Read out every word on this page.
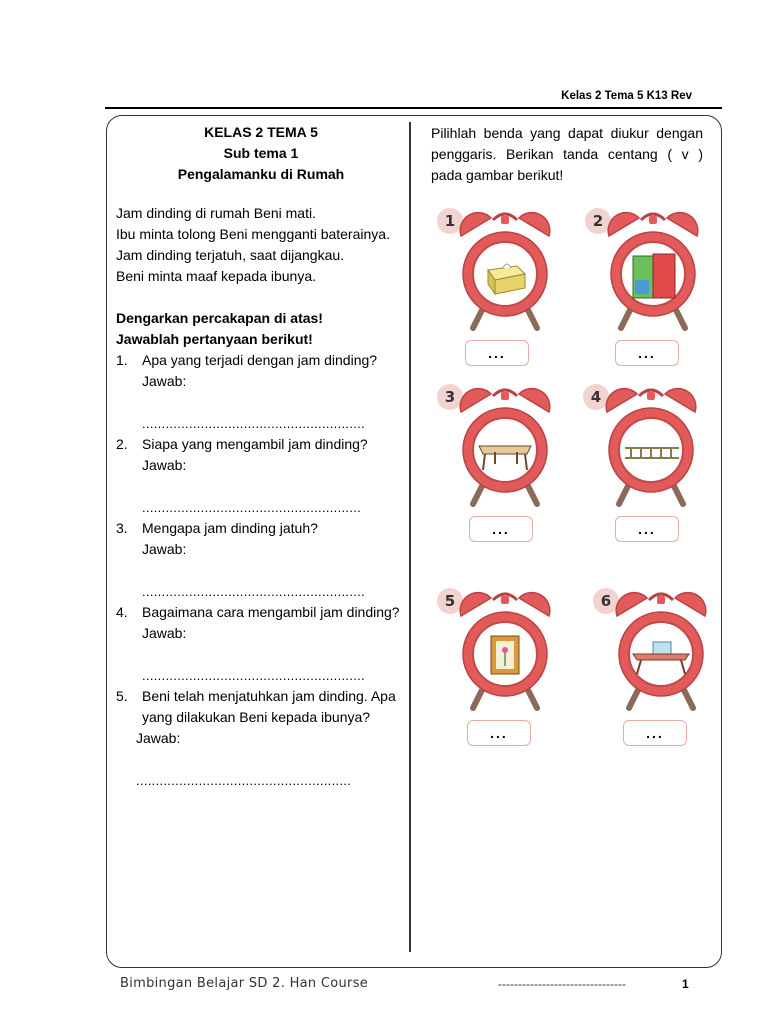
Kelas 2 Tema 5 K13 Rev
KELAS 2 TEMA 5
Sub tema 1
Pengalamanku di Rumah
Jam dinding di rumah Beni mati.
Ibu minta tolong Beni mengganti baterainya.
Jam dinding terjatuh, saat dijangkau.
Beni minta maaf kepada ibunya.
Dengarkan percakapan di atas!
Jawablah pertanyaan berikut!
1. Apa yang terjadi dengan jam dinding?
Jawab:
.........................................................
2. Siapa yang mengambil jam dinding?
Jawab:
........................................................
3. Mengapa jam dinding jatuh?
Jawab:
.........................................................
4. Bagaimana cara mengambil jam dinding?
Jawab:
.........................................................
5. Beni telah menjatuhkan jam dinding. Apa yang dilakukan Beni kepada ibunya?
Jawab:
.......................................................
Pilihlah benda yang dapat diukur dengan penggaris. Berikan tanda centang ( v ) pada gambar berikut!
1
...
2
...
3
...
4
...
5
...
6
...
Bimbingan Belajar SD 2. Han Course	--------------------------------	1
